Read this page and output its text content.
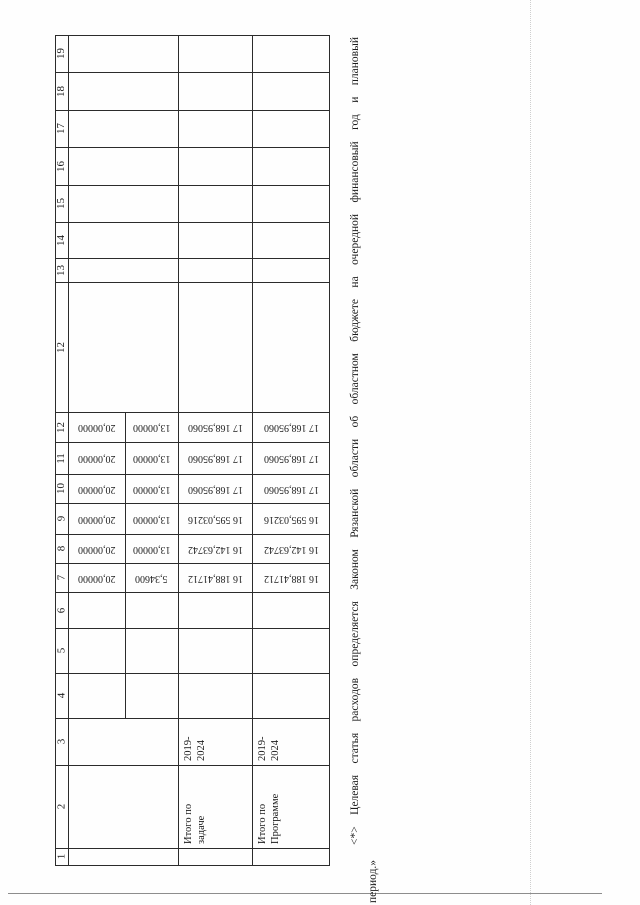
Итого по задаче
2019- 2024
Итого по Программе
2019- 2024
1
2
3
4
5
6
7
8
9
10
11
12
12
13
14
15
16
17
18
19
20,00000
20,00000
20,00000
20,00000
20,00000
20,00000
5,34600
13,00000
13,00000
13,00000
13,00000
13,00000
16 188,41712
16 142,63742
16 595,03216
17 168,95060
17 168,95060
17 168,95060
16 188,41712
16 142,63742
16 595,03216
17 168,95060
17 168,95060
17 168,95060	<*> Целевая статья расходов определяется Законом Рязанской области об областном бюджете на очередной финансовый год и плановый
период.»
